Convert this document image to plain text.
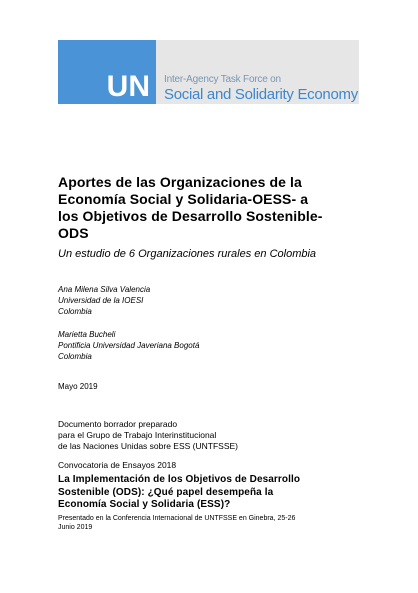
UN Inter-Agency Task Force on
Social and Solidarity Economy
Aportes de las Organizaciones de la
Economía Social y Solidaria-OESS- a
los Objetivos de Desarrollo Sostenible-
ODS
Un estudio de 6 Organizaciones rurales en Colombia
Ana Milena Silva Valencia
Universidad de la IOESI
Colombia
Marietta Bucheli
Pontificia Universidad Javeriana Bogotá
Colombia
Mayo 2019
Documento borrador preparado
para el Grupo de Trabajo Interinstitucional
de las Naciones Unidas sobre ESS (UNTFSSE)
Convocatoria de Ensayos 2018
La Implementación de los Objetivos de Desarrollo
Sostenible (ODS): ¿Qué papel desempeña la
Economía Social y Solidaria (ESS)?
Presentado en la Conferencia Internacional de UNTFSSE en Ginebra, 25-26
Junio 2019
